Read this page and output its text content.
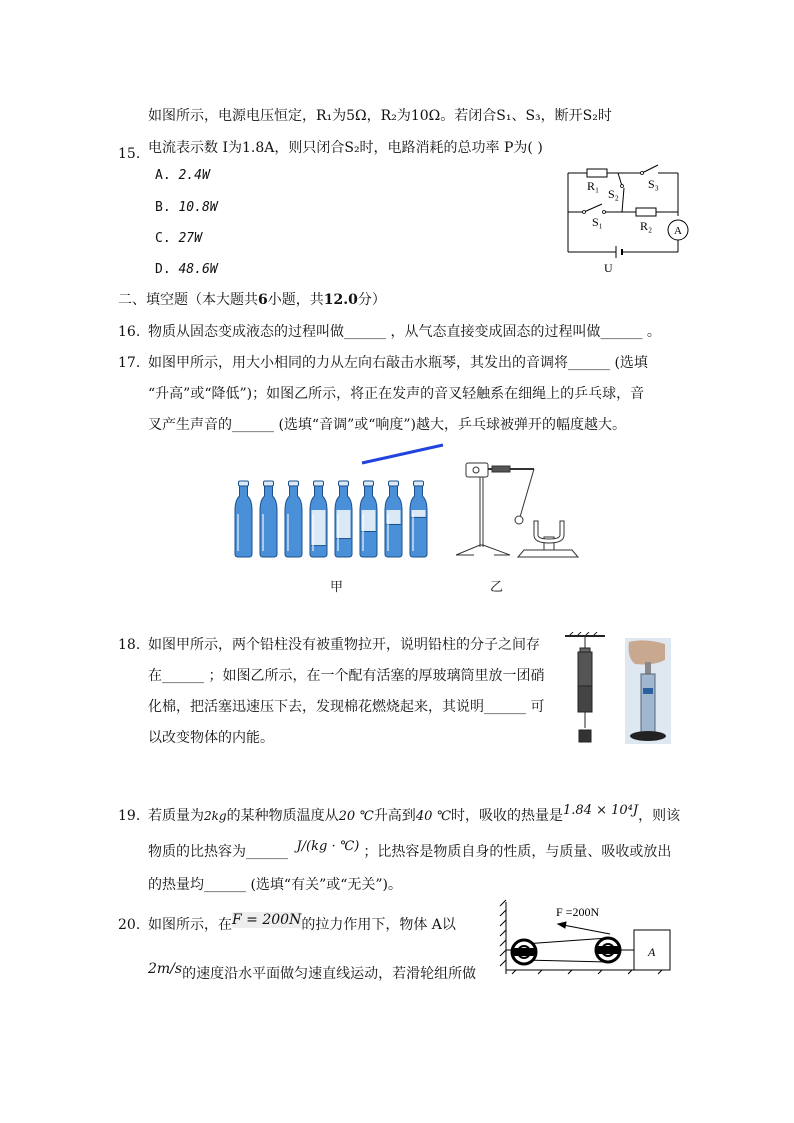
如图所示，电源电压恒定，R₁为5Ω，R₂为10Ω。若闭合S₁、S₃，断开S₂时
15. 电流表示数 I为1.8A，则只闭合S₂时，电路消耗的总功率 P为( )
A. 2.4W
B. 10.8W
C. 27W
D. 48.6W
R₁	S₃
S₂
S₁	R₂ A
U
二、填空题（本大题共6小题，共12.0分）
16. 物质从固态变成液态的过程叫做______ ，从气态直接变成固态的过程叫做______ 。
17. 如图甲所示，用大小相同的力从左向右敲击水瓶琴，其发出的音调将______ (选填
“升高”或“降低”)；如图乙所示，将正在发声的音叉轻触系在细绳上的乒乓球，音
叉产生声音的______ (选填“音调”或“响度”)越大，乒乓球被弹开的幅度越大。
甲	乙
18. 如图甲所示，两个铅柱没有被重物拉开，说明铅柱的分子之间存
在______ ；如图乙所示，在一个配有活塞的厚玻璃筒里放一团硝
化棉，把活塞迅速压下去，发现棉花燃烧起来，其说明______ 可
以改变物体的内能。
19. 若质量为2kg的某种物质温度从20 ℃升高到40 ℃时，吸收的热量是1.84 × 10⁴J，则该
物质的比热容为______ J/(kg · ℃) ；比热容是物质自身的性质，与质量、吸收或放出
的热量均______ (选填“有关”或“无关”)。
20. 如图所示，在F = 200N的拉力作用下，物体 A以
2m/s的速度沿水平面做匀速直线运动，若滑轮组所做
F =200N
A
